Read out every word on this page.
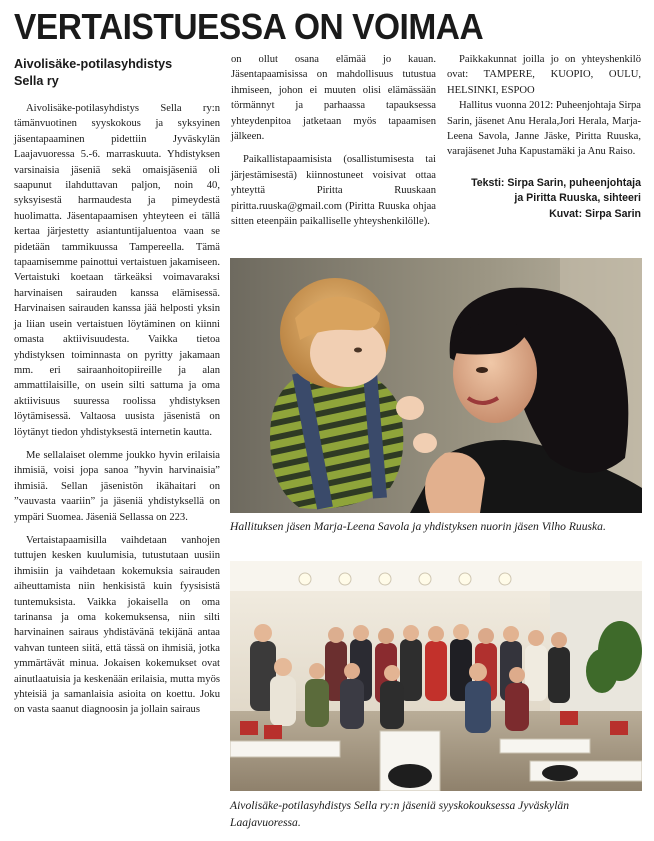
VERTAISTUESSA ON VOIMAA
Aivolisäke-potilasyhdistys
Sella ry

Aivolisäke-potilasyhdistys Sella ry:n tämänvuotinen syyskokous ja syksyinen jäsentapaaminen pidettiin Jyväskylän Laajavuoressa 5.-6. marraskuuta. Yhdistyksen varsinaisia jäseniä sekä omaisjäseniä oli saapunut ilahduttavan paljon, noin 40, syksyisestä harmaudesta ja pimeydestä huolimatta. Jäsentapaamisen yhteyteen ei tällä kertaa järjestetty asiantuntijaluentoa vaan se pidetään tammikuussa Tampereella. Tämä tapaamisemme painottui vertaistuen jakamiseen. Vertaistuki koetaan tärkeäksi voimavaraksi harvinaisen sairauden kanssa elämisessä. Harvinaisen sairauden kanssa jää helposti yksin ja liian usein vertaistuen löytäminen on kiinni omasta aktiivisuudesta. Vaikka tietoa yhdistyksen toiminnasta on pyritty jakamaan mm. eri sairaanhoitopiireille ja alan ammattilaisille, on usein silti sattuma ja oma aktiivisuus suuressa roolissa yhdistyksen löytämisessä. Valtaosa uusista jäsenistä on löytänyt tiedon yhdistyksestä internetin kautta.

Me sellalaiset olemme joukko hyvin erilaisia ihmisiä, voisi jopa sanoa ”hyvin harvinaisia” ihmisiä. Sellan jäsenistön ikähaitari on ”vauvasta vaariin” ja jäseniä yhdistyksellä on ympäri Suomea. Jäseniä Sellassa on 223.

Vertaistapaamisilla vaihdetaan vanhojen tuttujen kesken kuulumisia, tutustutaan uusiin ihmisiin ja vaihdetaan kokemuksia sairauden aiheuttamista niin henkisistä kuin fyysisistä tuntemuksista. Vaikka jokaisella on oma tarinansa ja oma kokemuksensa, niin silti harvinainen sairaus yhdistävänä tekijänä antaa vahvan tunteen siitä, että tässä on ihmisiä, jotka ymmärtävät minua. Jokaisen kokemukset ovat ainutlaatuisia ja keskenään erilaisia, mutta myös yhteisiä ja samanlaisia asioita on koettu. Joku on vasta saanut diagnoosin ja jollain sairaus

on ollut osana elämää jo kauan. Jäsentapaamisissa on mahdollisuus tutustua ihmiseen, johon ei muuten olisi elämässään törmännyt ja parhaassa tapauksessa yhteydenpitoa jatketaan myös tapaamisen jälkeen.

Paikallistapaamisista (osallistumisesta tai järjestämisestä) kiinnostuneet voisivat ottaa yhteyttä Piritta Ruuskaan piritta.ruuska@gmail.com (Piritta Ruuska ohjaa sitten eteenpäin paikalliselle yhteyshenkilölle).

Paikkakunnat joilla jo on yhteyshenkilö ovat: TAMPERE, KUOPIO, OULU, HELSINKI, ESPOO

Hallitus vuonna 2012: Puheenjohtaja Sirpa Sarin, jäsenet Anu Herala,Jori Herala, Marja-Leena Savola, Janne Jäske, Piritta Ruuska, varajäsenet Juha Kapustamäki ja Anu Raiso.

Teksti: Sirpa Sarin, puheenjohtaja
ja Piritta Ruuska, sihteeri
Kuvat: Sirpa Sarin
Hallituksen jäsen Marja-Leena Savola ja yhdistyksen nuorin jäsen Vilho Ruuska.
Aivolisäke-potilasyhdistys Sella ry:n jäseniä syyskokouksessa Jyväskylän Laajavuoressa.
